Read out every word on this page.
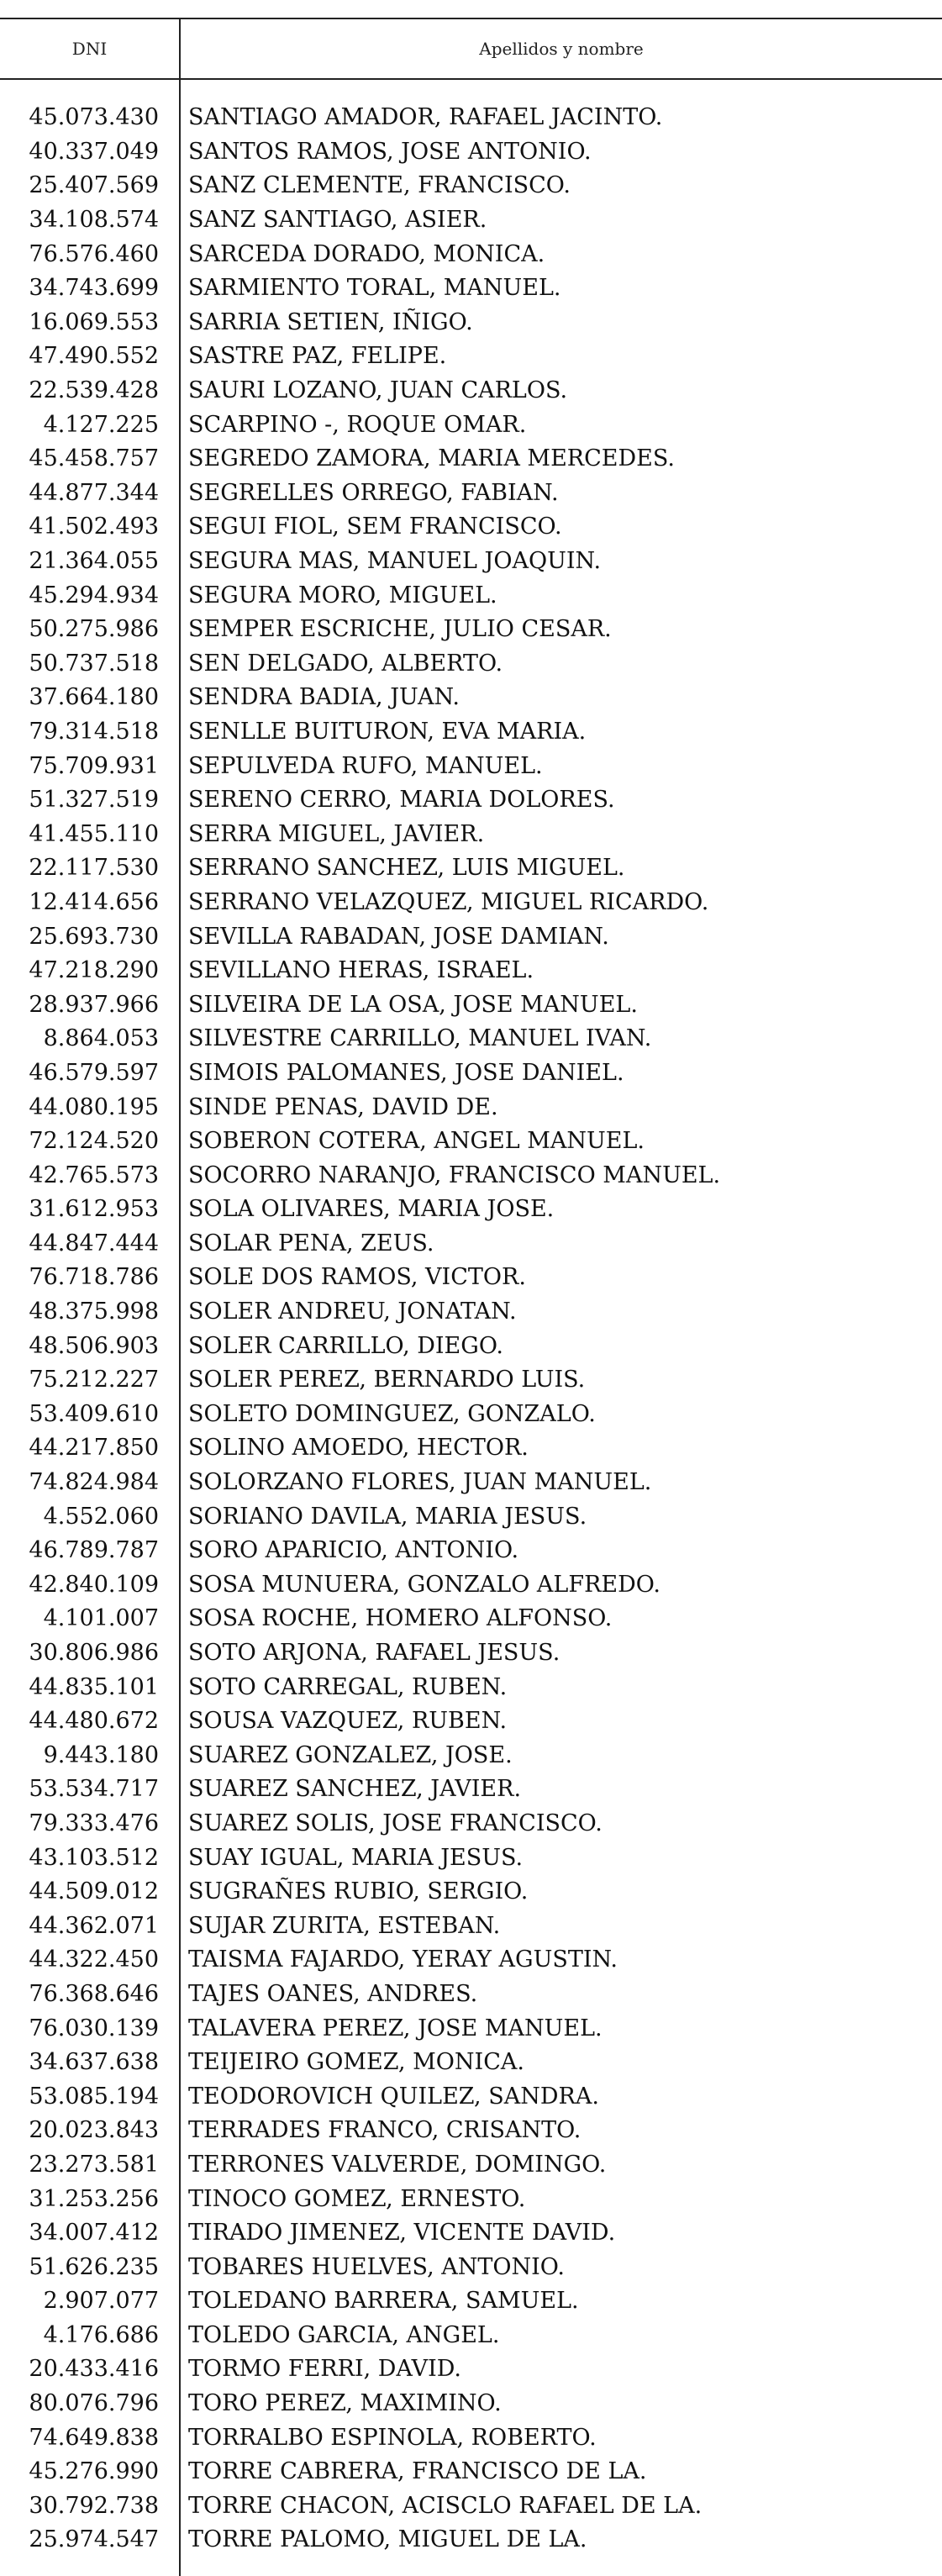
DNI	Apellidos y nombre
45.073.430	SANTIAGO AMADOR, RAFAEL JACINTO.
40.337.049	SANTOS RAMOS, JOSE ANTONIO.
25.407.569	SANZ CLEMENTE, FRANCISCO.
34.108.574	SANZ SANTIAGO, ASIER.
76.576.460	SARCEDA DORADO, MONICA.
34.743.699	SARMIENTO TORAL, MANUEL.
16.069.553	SARRIA SETIEN, IÑIGO.
47.490.552	SASTRE PAZ, FELIPE.
22.539.428	SAURI LOZANO, JUAN CARLOS.
4.127.225	SCARPINO -, ROQUE OMAR.
45.458.757	SEGREDO ZAMORA, MARIA MERCEDES.
44.877.344	SEGRELLES ORREGO, FABIAN.
41.502.493	SEGUI FIOL, SEM FRANCISCO.
21.364.055	SEGURA MAS, MANUEL JOAQUIN.
45.294.934	SEGURA MORO, MIGUEL.
50.275.986	SEMPER ESCRICHE, JULIO CESAR.
50.737.518	SEN DELGADO, ALBERTO.
37.664.180	SENDRA BADIA, JUAN.
79.314.518	SENLLE BUITURON, EVA MARIA.
75.709.931	SEPULVEDA RUFO, MANUEL.
51.327.519	SERENO CERRO, MARIA DOLORES.
41.455.110	SERRA MIGUEL, JAVIER.
22.117.530	SERRANO SANCHEZ, LUIS MIGUEL.
12.414.656	SERRANO VELAZQUEZ, MIGUEL RICARDO.
25.693.730	SEVILLA RABADAN, JOSE DAMIAN.
47.218.290	SEVILLANO HERAS, ISRAEL.
28.937.966	SILVEIRA DE LA OSA, JOSE MANUEL.
8.864.053	SILVESTRE CARRILLO, MANUEL IVAN.
46.579.597	SIMOIS PALOMANES, JOSE DANIEL.
44.080.195	SINDE PENAS, DAVID DE.
72.124.520	SOBERON COTERA, ANGEL MANUEL.
42.765.573	SOCORRO NARANJO, FRANCISCO MANUEL.
31.612.953	SOLA OLIVARES, MARIA JOSE.
44.847.444	SOLAR PENA, ZEUS.
76.718.786	SOLE DOS RAMOS, VICTOR.
48.375.998	SOLER ANDREU, JONATAN.
48.506.903	SOLER CARRILLO, DIEGO.
75.212.227	SOLER PEREZ, BERNARDO LUIS.
53.409.610	SOLETO DOMINGUEZ, GONZALO.
44.217.850	SOLINO AMOEDO, HECTOR.
74.824.984	SOLORZANO FLORES, JUAN MANUEL.
4.552.060	SORIANO DAVILA, MARIA JESUS.
46.789.787	SORO APARICIO, ANTONIO.
42.840.109	SOSA MUNUERA, GONZALO ALFREDO.
4.101.007	SOSA ROCHE, HOMERO ALFONSO.
30.806.986	SOTO ARJONA, RAFAEL JESUS.
44.835.101	SOTO CARREGAL, RUBEN.
44.480.672	SOUSA VAZQUEZ, RUBEN.
9.443.180	SUAREZ GONZALEZ, JOSE.
53.534.717	SUAREZ SANCHEZ, JAVIER.
79.333.476	SUAREZ SOLIS, JOSE FRANCISCO.
43.103.512	SUAY IGUAL, MARIA JESUS.
44.509.012	SUGRAÑES RUBIO, SERGIO.
44.362.071	SUJAR ZURITA, ESTEBAN.
44.322.450	TAISMA FAJARDO, YERAY AGUSTIN.
76.368.646	TAJES OANES, ANDRES.
76.030.139	TALAVERA PEREZ, JOSE MANUEL.
34.637.638	TEIJEIRO GOMEZ, MONICA.
53.085.194	TEODOROVICH QUILEZ, SANDRA.
20.023.843	TERRADES FRANCO, CRISANTO.
23.273.581	TERRONES VALVERDE, DOMINGO.
31.253.256	TINOCO GOMEZ, ERNESTO.
34.007.412	TIRADO JIMENEZ, VICENTE DAVID.
51.626.235	TOBARES HUELVES, ANTONIO.
2.907.077	TOLEDANO BARRERA, SAMUEL.
4.176.686	TOLEDO GARCIA, ANGEL.
20.433.416	TORMO FERRI, DAVID.
80.076.796	TORO PEREZ, MAXIMINO.
74.649.838	TORRALBO ESPINOLA, ROBERTO.
45.276.990	TORRE CABRERA, FRANCISCO DE LA.
30.792.738	TORRE CHACON, ACISCLO RAFAEL DE LA.
25.974.547	TORRE PALOMO, MIGUEL DE LA.
